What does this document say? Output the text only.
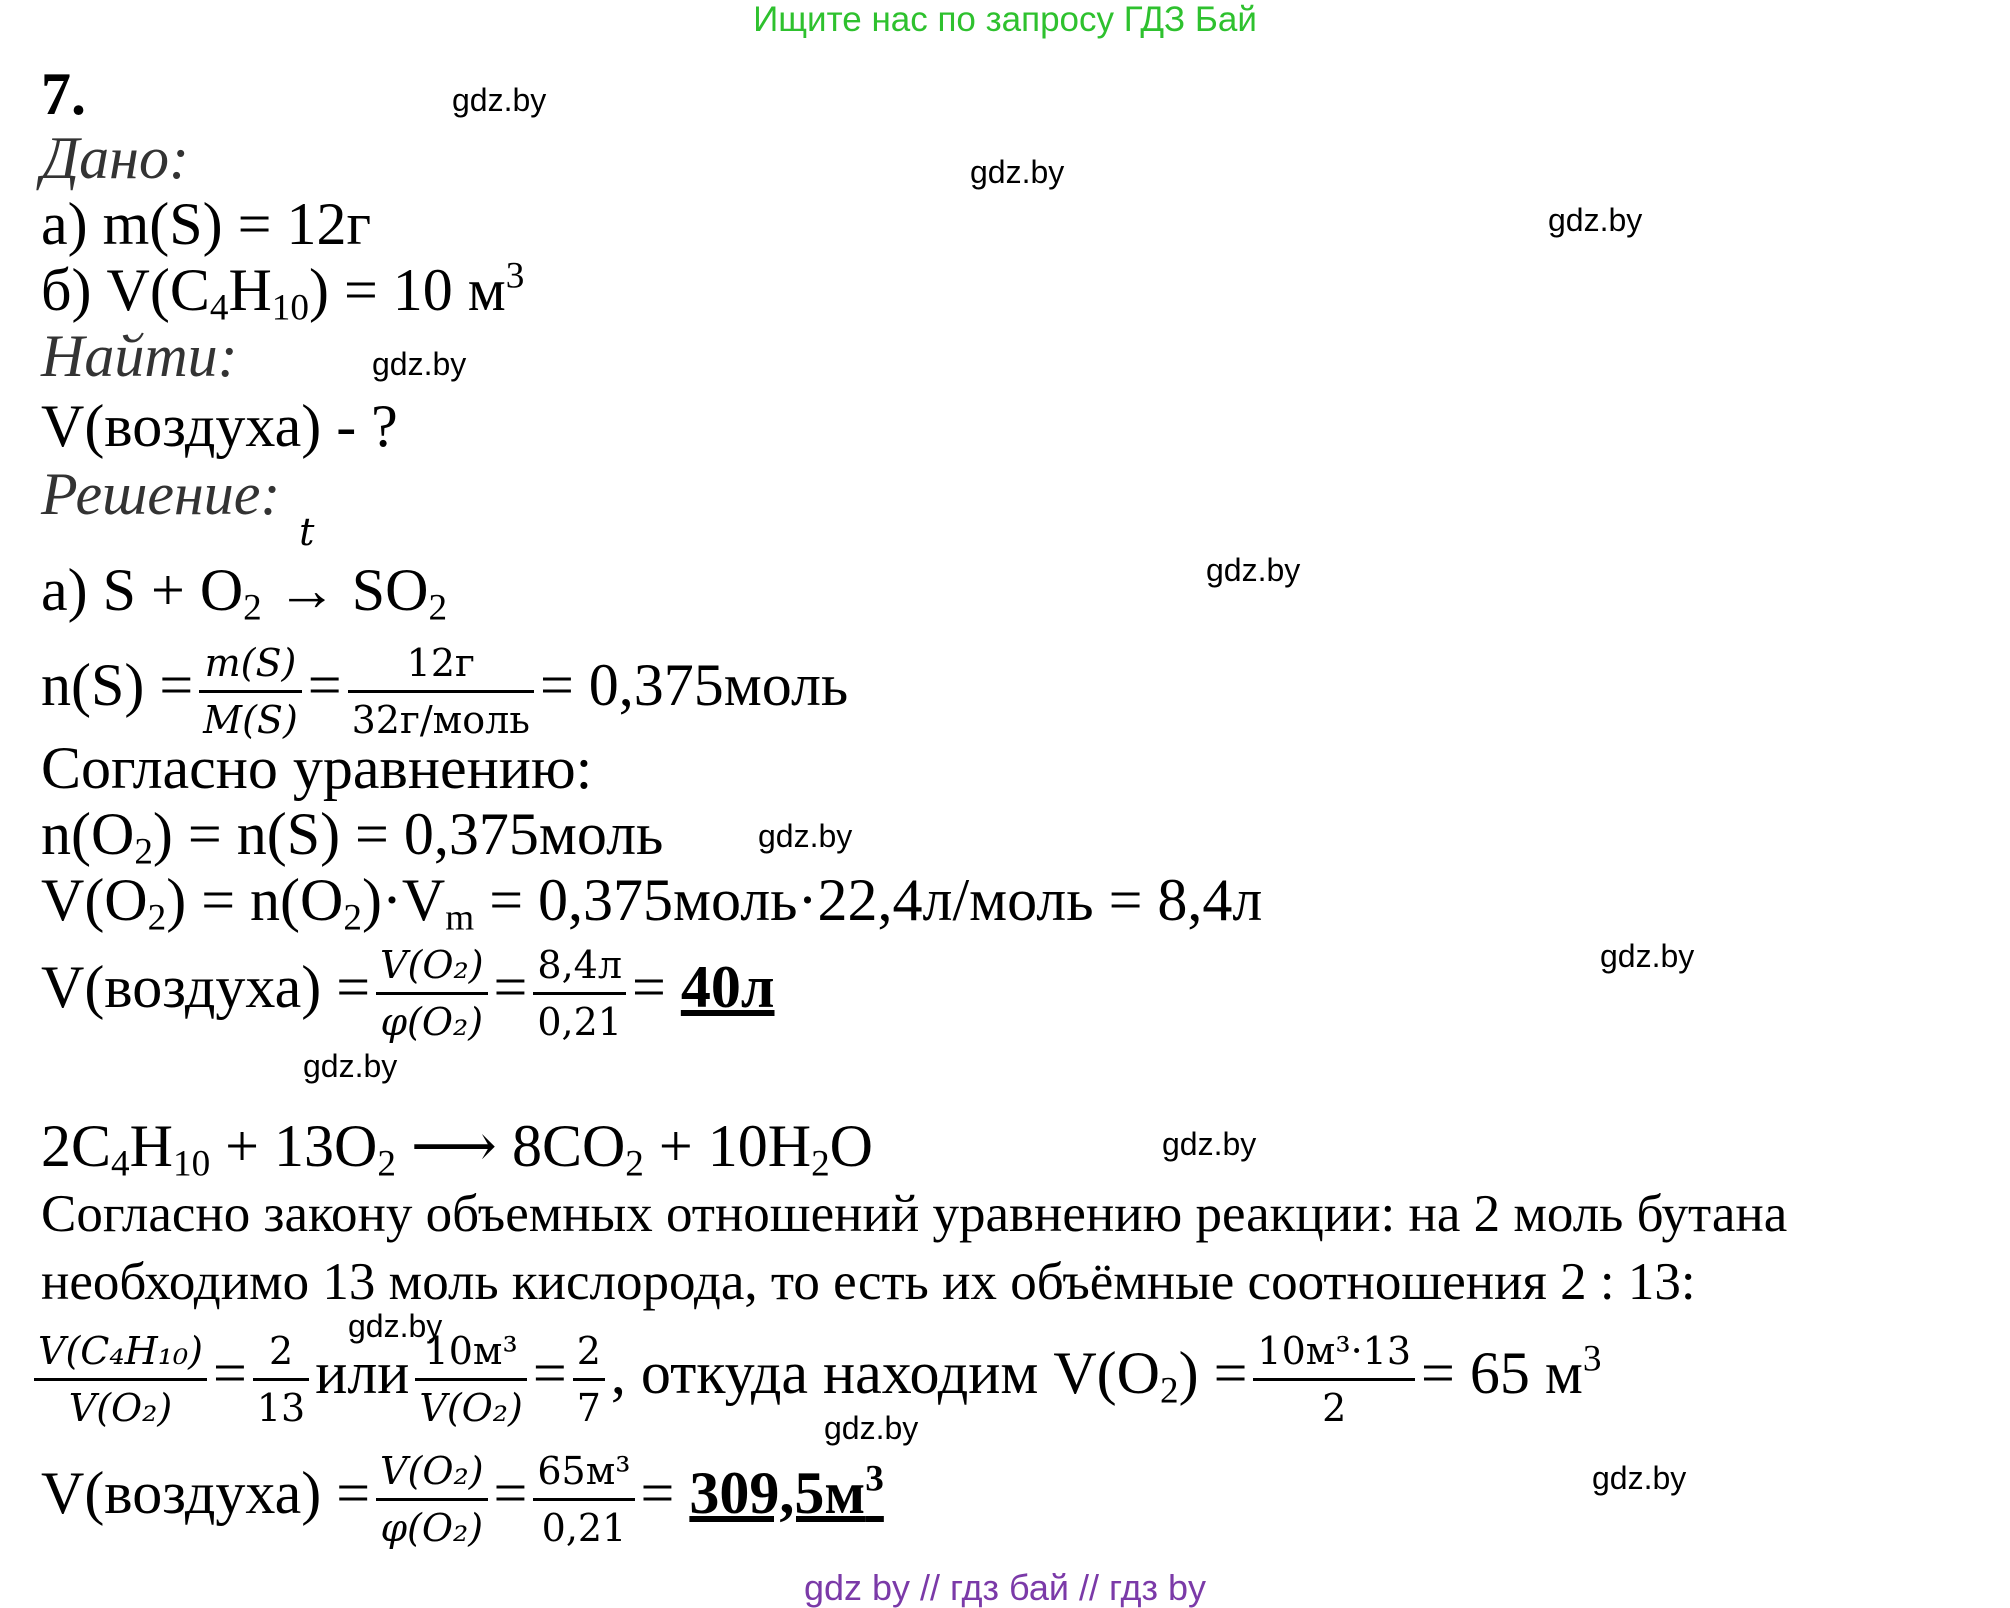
Ищите нас по запросу ГДЗ Бай
7.
Дано:
а) m(S) = 12г
б) $V(C_4H_{10}) = 10$ $м^3$
Найти:
V(воздуха) - ?
Решение:
а) $S + O_2$
t
→ $SO_2$
$n(S) = \frac{m(S)}{M(S)} = \frac{12г}{\text{32г/моль}}$ = 0,375моль
Согласно уравнению:
$n(O_2) = n(S)$ = 0,375моль
$V(O_2) = n(O_2)\cdot V_m$ = 0,375моль·22,4л/моль = 8,4л
V(воздуха) = $\frac{\text{V(O₂)}}{\text{φ(O₂)}} = \frac{8,4л}{0,21} = 40л$
$2C_4H_{10} + 13O_2$ ⟶ $8CO_2 + 10H_2O$
Согласно закону объемных отношений уравнению реакции: на 2 моль бутана
необходимо 13 моль кислорода, то есть их объёмные соотношения 2 : 13:
$\frac{\text{V(C₄H₁₀)}}{\text{V(O₂)}} = \frac{2}{13}$ или $\frac{\text{10м³}}{\text{V(O₂)}} = \frac{2}{7}$ , откуда находим $V(O_2) = \frac{\text{10м³·13}}{2} = 65$ $м^3$
V(воздуха) = $\frac{\text{V(O₂)}}{\text{φ(O₂)}} = \frac{\text{65м³}}{0,21} = 309,5м^3$
gdz.by
gdz.by
gdz.by
gdz.by
gdz.by
gdz.by
gdz.by
gdz.by
gdz.by
gdz.by
gdz.by
gdz.by
gdz by // гдз бай // гдз by
